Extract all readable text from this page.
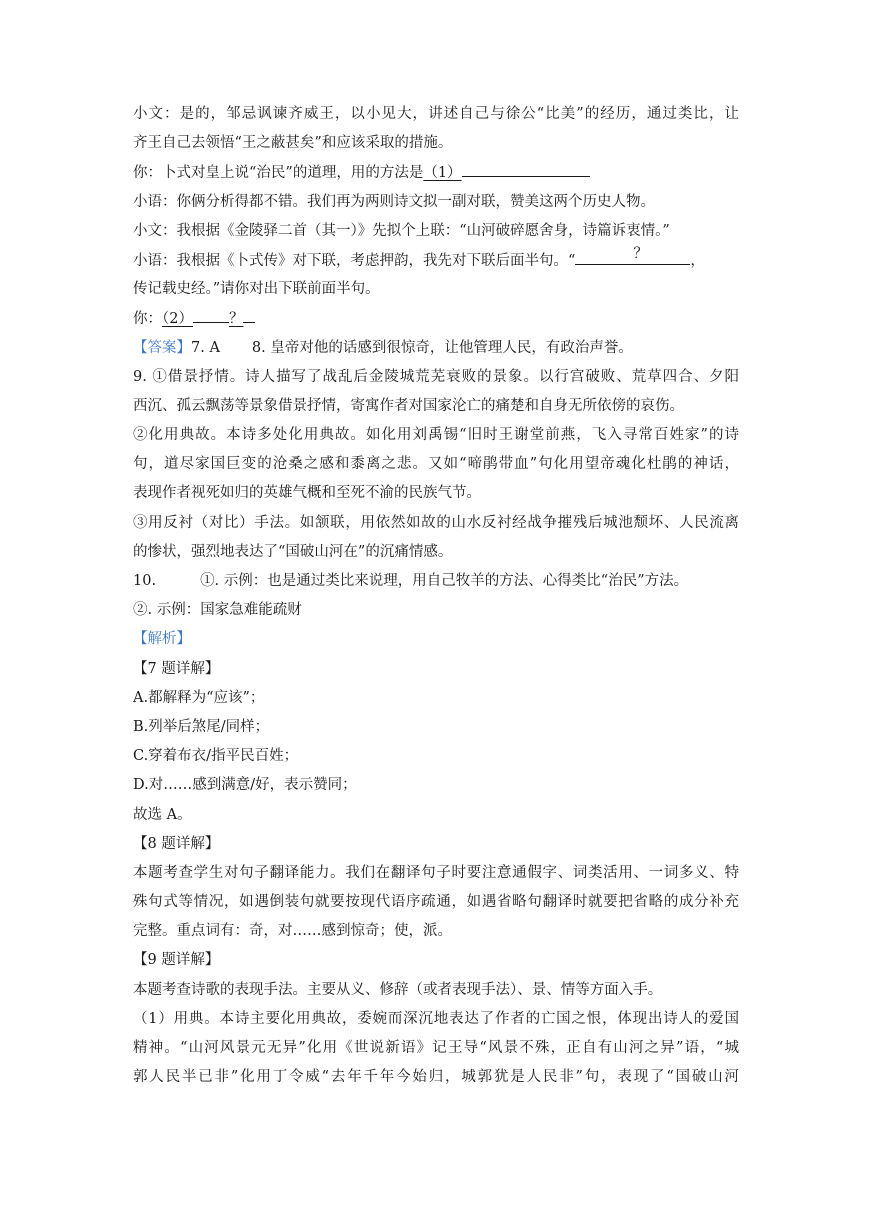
小文：是的，邹忌讽谏齐威王，以小见大，讲述自己与徐公“比美”的经历，通过类比，让
齐王自己去领悟“王之蔽甚矣”和应该采取的措施。
你：卜式对皇上说“治民”的道理，用的方法是（1）
小语：你俩分析得都不错。我们再为两则诗文拟一副对联，赞美这两个历史人物。
小文：我根据《金陵驿二首（其一）》先拟个上联：“山河破碎愿舍身，诗篇诉衷情。”
小语：我根据《卜式传》对下联，考虑押韵，我先对下联后面半句。“	？	，
传记载史经。”请你对出下联前面半句。
你：（2） ？
【答案】7. A 8. 皇帝对他的话感到很惊奇，让他管理人民，有政治声誉。
9. ①借景抒情。诗人描写了战乱后金陵城荒芜衰败的景象。以行宫破败、荒草四合、夕阳
西沉、孤云飘荡等景象借景抒情，寄寓作者对国家沦亡的痛楚和自身无所依傍的哀伤。
②化用典故。本诗多处化用典故。如化用刘禹锡“旧时王谢堂前燕，飞入寻常百姓家”的诗
句，道尽家国巨变的沧桑之感和黍离之悲。又如“啼鹃带血”句化用望帝魂化杜鹃的神话，
表现作者视死如归的英雄气概和至死不渝的民族气节。
③用反衬（对比）手法。如颔联，用依然如故的山水反衬经战争摧残后城池颓坏、人民流离
的惨状，强烈地表达了“国破山河在”的沉痛情感。
10.	①. 示例：也是通过类比来说理，用自己牧羊的方法、心得类比“治民”方法。
②. 示例：国家急难能疏财
【解析】
【7 题详解】
A.都解释为“应该”；
B.列举后煞尾/同样；
C.穿着布衣/指平民百姓；
D.对……感到满意/好，表示赞同；
故选 A。
【8 题详解】
本题考查学生对句子翻译能力。我们在翻译句子时要注意通假字、词类活用、一词多义、特
殊句式等情况，如遇倒装句就要按现代语序疏通，如遇省略句翻译时就要把省略的成分补充
完整。重点词有：奇，对……感到惊奇；使，派。
【9 题详解】
本题考查诗歌的表现手法。主要从义、修辞（或者表现手法）、景、情等方面入手。
（1）用典。本诗主要化用典故，委婉而深沉地表达了作者的亡国之恨，体现出诗人的爱国
精神。“山河风景元无异”化用《世说新语》记王导“风景不殊，正自有山河之异”语，“城
郭人民半已非”化用丁令威“去年千年今始归，城郭犹是人民非”句，表现了“国破山河
